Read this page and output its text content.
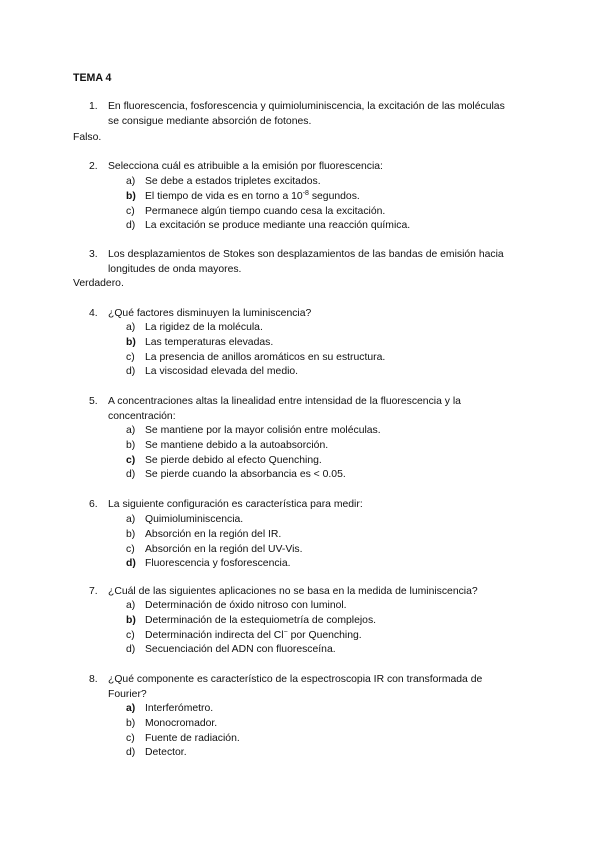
TEMA 4
1. En fluorescencia, fosforescencia y quimioluminiscencia, la excitación de las moléculas se consigue mediante absorción de fotones.
Falso.
2. Selecciona cuál es atribuible a la emisión por fluorescencia:
a) Se debe a estados tripletes excitados.
b) El tiempo de vida es en torno a $10^{-8}$ segundos.
c) Permanece algún tiempo cuando cesa la excitación.
d) La excitación se produce mediante una reacción química.
3. Los desplazamientos de Stokes son desplazamientos de las bandas de emisión hacia longitudes de onda mayores.
Verdadero.
4. ¿Qué factores disminuyen la luminiscencia?
a) La rigidez de la molécula.
b) Las temperaturas elevadas.
c) La presencia de anillos aromáticos en su estructura.
d) La viscosidad elevada del medio.
5. A concentraciones altas la linealidad entre intensidad de la fluorescencia y la concentración:
a) Se mantiene por la mayor colisión entre moléculas.
b) Se mantiene debido a la autoabsorción.
c) Se pierde debido al efecto Quenching.
d) Se pierde cuando la absorbancia es < 0.05.
6. La siguiente configuración es característica para medir:
a) Quimioluminiscencia.
b) Absorción en la región del IR.
c) Absorción en la región del UV-Vis.
d) Fluorescencia y fosforescencia.
7. ¿Cuál de las siguientes aplicaciones no se basa en la medida de luminiscencia?
a) Determinación de óxido nitroso con luminol.
b) Determinación de la estequiometría de complejos.
c) Determinación indirecta del Cl− por Quenching.
d) Secuenciación del ADN con fluoresceína.
8. ¿Qué componente es característico de la espectroscopia IR con transformada de Fourier?
a) Interferómetro.
b) Monocromador.
c) Fuente de radiación.
d) Detector.
